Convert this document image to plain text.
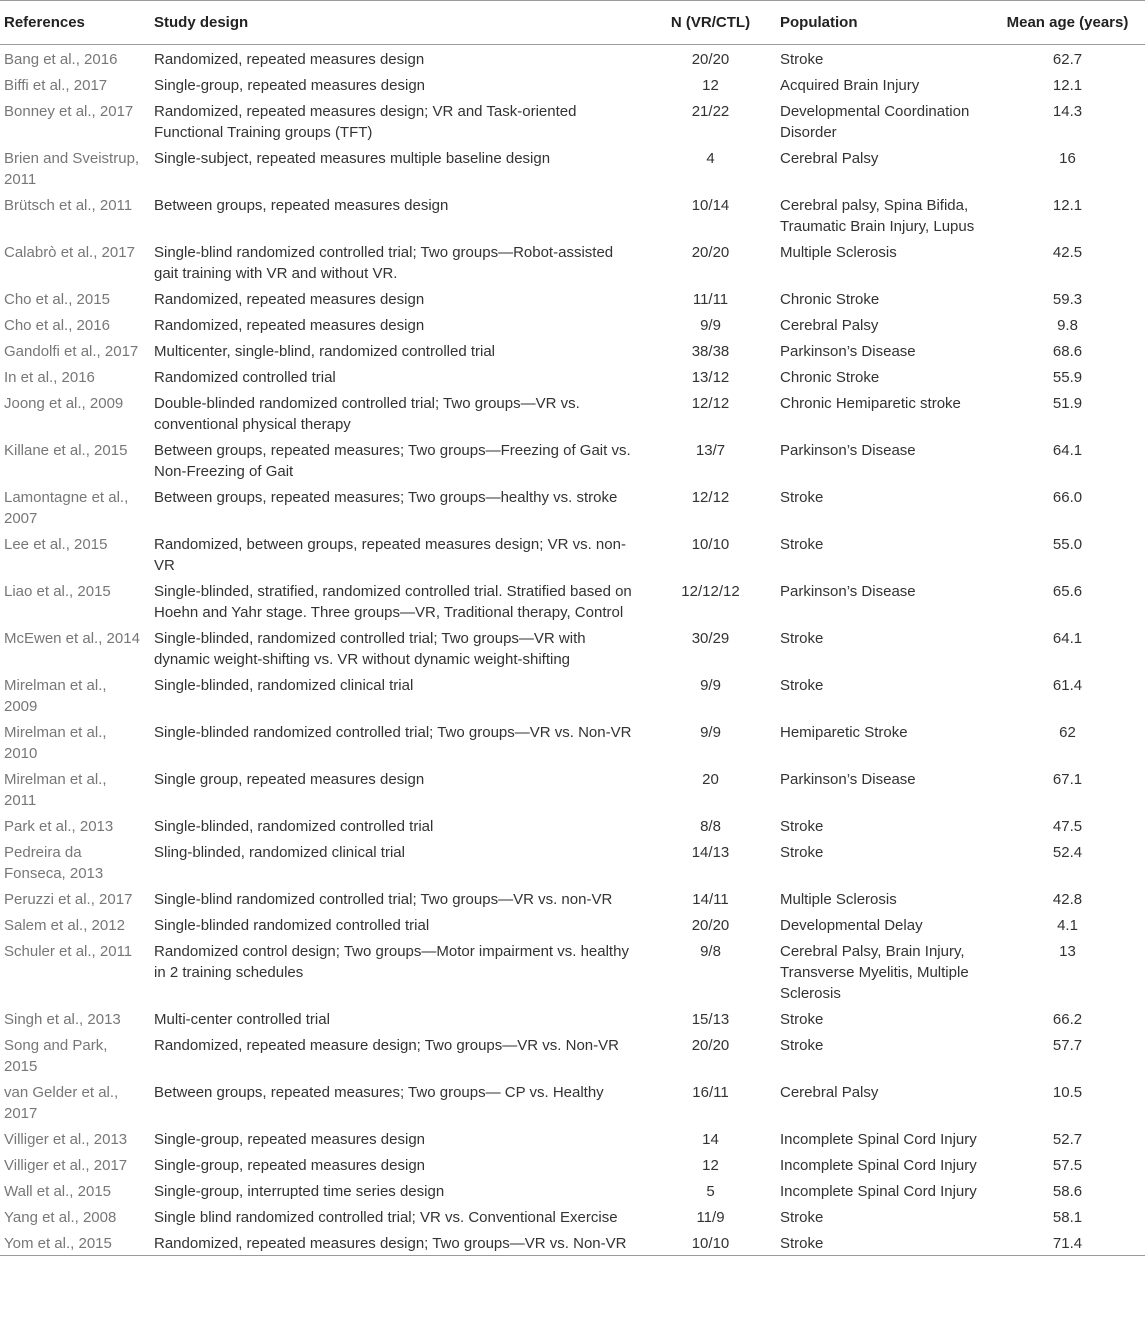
References	Study design	N (VR/CTL)	Population	Mean age (years)
Bang et al., 2016	Randomized, repeated measures design	20/20	Stroke	62.7
Biffi et al., 2017	Single-group, repeated measures design	12	Acquired Brain Injury	12.1
Bonney et al., 2017	Randomized, repeated measures design; VR and Task-oriented Functional Training groups (TFT)	21/22	Developmental Coordination Disorder	14.3
Brien and Sveistrup, 2011	Single-subject, repeated measures multiple baseline design	4	Cerebral Palsy	16
Brütsch et al., 2011	Between groups, repeated measures design	10/14	Cerebral palsy, Spina Bifida, Traumatic Brain Injury, Lupus	12.1
Calabrò et al., 2017	Single-blind randomized controlled trial; Two groups—Robot-assisted gait training with VR and without VR.	20/20	Multiple Sclerosis	42.5
Cho et al., 2015	Randomized, repeated measures design	11/11	Chronic Stroke	59.3
Cho et al., 2016	Randomized, repeated measures design	9/9	Cerebral Palsy	9.8
Gandolfi et al., 2017	Multicenter, single-blind, randomized controlled trial	38/38	Parkinson’s Disease	68.6
In et al., 2016	Randomized controlled trial	13/12	Chronic Stroke	55.9
Joong et al., 2009	Double-blinded randomized controlled trial; Two groups—VR vs. conventional physical therapy	12/12	Chronic Hemiparetic stroke	51.9
Killane et al., 2015	Between groups, repeated measures; Two groups—Freezing of Gait vs. Non-Freezing of Gait	13/7	Parkinson’s Disease	64.1
Lamontagne et al., 2007	Between groups, repeated measures; Two groups—healthy vs. stroke	12/12	Stroke	66.0
Lee et al., 2015	Randomized, between groups, repeated measures design; VR vs. non-VR	10/10	Stroke	55.0
Liao et al., 2015	Single-blinded, stratified, randomized controlled trial. Stratified based on Hoehn and Yahr stage. Three groups—VR, Traditional therapy, Control	12/12/12	Parkinson’s Disease	65.6
McEwen et al., 2014	Single-blinded, randomized controlled trial; Two groups—VR with dynamic weight-shifting vs. VR without dynamic weight-shifting	30/29	Stroke	64.1
Mirelman et al., 2009	Single-blinded, randomized clinical trial	9/9	Stroke	61.4
Mirelman et al., 2010	Single-blinded randomized controlled trial; Two groups—VR vs. Non-VR	9/9	Hemiparetic Stroke	62
Mirelman et al., 2011	Single group, repeated measures design	20	Parkinson’s Disease	67.1
Park et al., 2013	Single-blinded, randomized controlled trial	8/8	Stroke	47.5
Pedreira da Fonseca, 2013	Sling-blinded, randomized clinical trial	14/13	Stroke	52.4
Peruzzi et al., 2017	Single-blind randomized controlled trial; Two groups—VR vs. non-VR	14/11	Multiple Sclerosis	42.8
Salem et al., 2012	Single-blinded randomized controlled trial	20/20	Developmental Delay	4.1
Schuler et al., 2011	Randomized control design; Two groups—Motor impairment vs. healthy in 2 training schedules	9/8	Cerebral Palsy, Brain Injury, Transverse Myelitis, Multiple Sclerosis	13
Singh et al., 2013	Multi-center controlled trial	15/13	Stroke	66.2
Song and Park, 2015	Randomized, repeated measure design; Two groups—VR vs. Non-VR	20/20	Stroke	57.7
van Gelder et al., 2017	Between groups, repeated measures; Two groups— CP vs. Healthy	16/11	Cerebral Palsy	10.5
Villiger et al., 2013	Single-group, repeated measures design	14	Incomplete Spinal Cord Injury	52.7
Villiger et al., 2017	Single-group, repeated measures design	12	Incomplete Spinal Cord Injury	57.5
Wall et al., 2015	Single-group, interrupted time series design	5	Incomplete Spinal Cord Injury	58.6
Yang et al., 2008	Single blind randomized controlled trial; VR vs. Conventional Exercise	11/9	Stroke	58.1
Yom et al., 2015	Randomized, repeated measures design; Two groups—VR vs. Non-VR	10/10	Stroke	71.4
